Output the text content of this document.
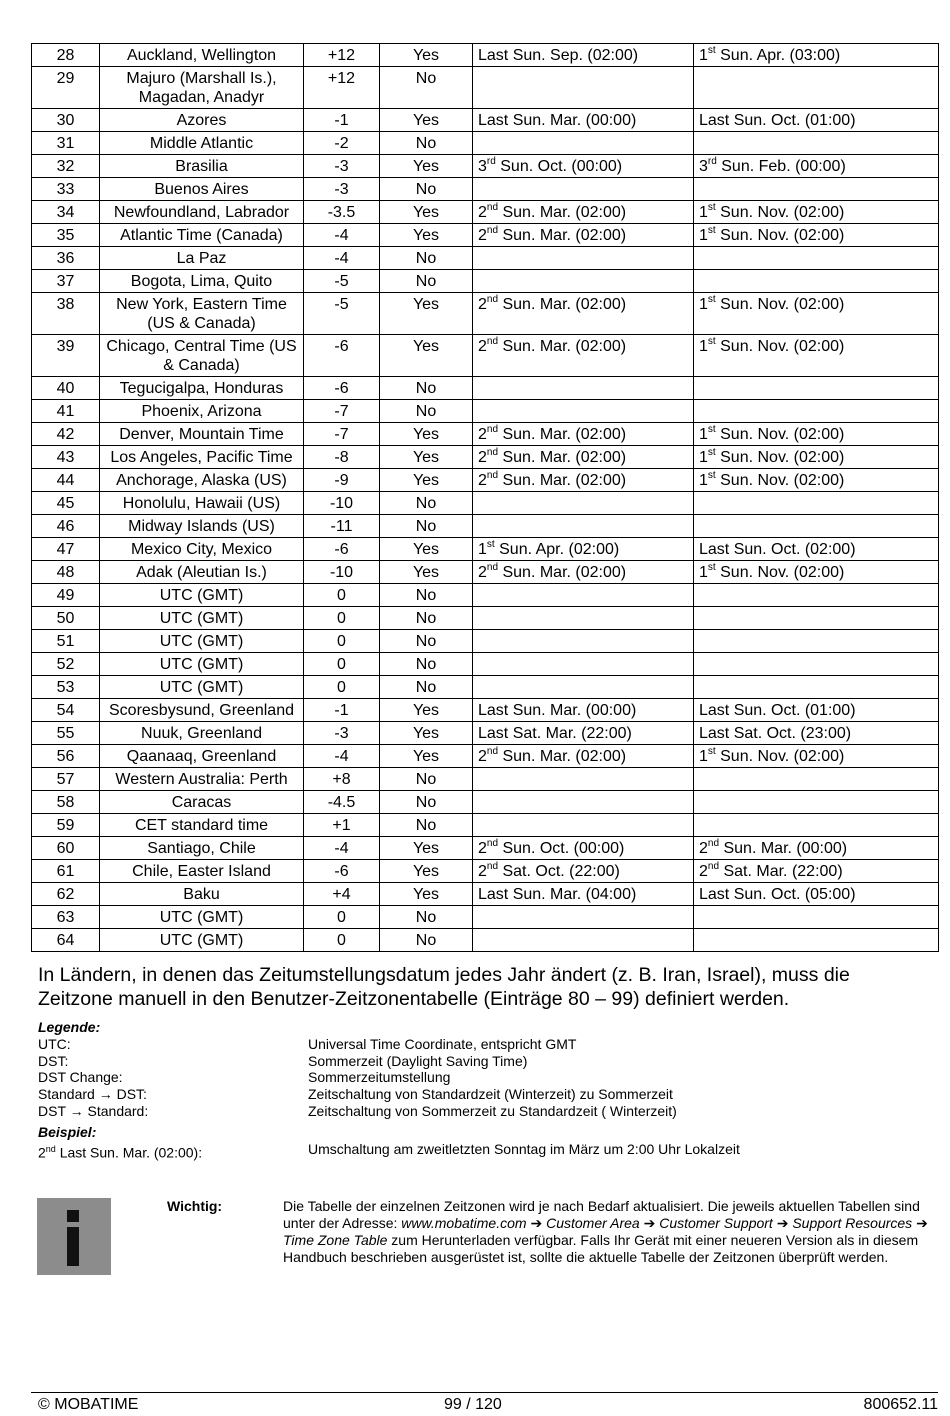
28	Auckland, Wellington	+12	Yes	Last Sun. Sep. (02:00)	1st Sun. Apr. (03:00)
29	Majuro (Marshall Is.), Magadan, Anadyr	+12	No		
30	Azores	-1	Yes	Last Sun. Mar. (00:00)	Last Sun. Oct. (01:00)
31	Middle Atlantic	-2	No		
32	Brasilia	-3	Yes	3rd Sun. Oct. (00:00)	3rd Sun. Feb. (00:00)
33	Buenos Aires	-3	No		
34	Newfoundland, Labrador	-3.5	Yes	2nd Sun. Mar. (02:00)	1st Sun. Nov. (02:00)
35	Atlantic Time (Canada)	-4	Yes	2nd Sun. Mar. (02:00)	1st Sun. Nov. (02:00)
36	La Paz	-4	No		
37	Bogota, Lima, Quito	-5	No		
38	New York, Eastern Time (US & Canada)	-5	Yes	2nd Sun. Mar. (02:00)	1st Sun. Nov. (02:00)
39	Chicago, Central Time (US & Canada)	-6	Yes	2nd Sun. Mar. (02:00)	1st Sun. Nov. (02:00)
40	Tegucigalpa, Honduras	-6	No		
41	Phoenix, Arizona	-7	No		
42	Denver, Mountain Time	-7	Yes	2nd Sun. Mar. (02:00)	1st Sun. Nov. (02:00)
43	Los Angeles, Pacific Time	-8	Yes	2nd Sun. Mar. (02:00)	1st Sun. Nov. (02:00)
44	Anchorage, Alaska (US)	-9	Yes	2nd Sun. Mar. (02:00)	1st Sun. Nov. (02:00)
45	Honolulu, Hawaii (US)	-10	No		
46	Midway Islands (US)	-11	No		
47	Mexico City, Mexico	-6	Yes	1st Sun. Apr. (02:00)	Last Sun. Oct. (02:00)
48	Adak (Aleutian Is.)	-10	Yes	2nd Sun. Mar. (02:00)	1st Sun. Nov. (02:00)
49	UTC (GMT)	0	No		
50	UTC (GMT)	0	No		
51	UTC (GMT)	0	No		
52	UTC (GMT)	0	No		
53	UTC (GMT)	0	No		
54	Scoresbysund, Greenland	-1	Yes	Last Sun. Mar. (00:00)	Last Sun. Oct. (01:00)
55	Nuuk, Greenland	-3	Yes	Last Sat. Mar. (22:00)	Last Sat. Oct. (23:00)
56	Qaanaaq, Greenland	-4	Yes	2nd Sun. Mar. (02:00)	1st Sun. Nov. (02:00)
57	Western Australia: Perth	+8	No		
58	Caracas	-4.5	No		
59	CET standard time	+1	No		
60	Santiago, Chile	-4	Yes	2nd Sun. Oct. (00:00)	2nd Sun. Mar. (00:00)
61	Chile, Easter Island	-6	Yes	2nd Sat. Oct. (22:00)	2nd Sat. Mar. (22:00)
62	Baku	+4	Yes	Last Sun. Mar. (04:00)	Last Sun. Oct. (05:00)
63	UTC (GMT)	0	No		
64	UTC (GMT)	0	No		
In Ländern, in denen das Zeitumstellungsdatum jedes Jahr ändert (z. B. Iran, Israel), muss die Zeitzone manuell in den Benutzer-Zeitzonentabelle (Einträge 80 – 99) definiert werden.
Legende:
UTC:	Universal Time Coordinate, entspricht GMT
DST:	Sommerzeit (Daylight Saving Time)
DST Change:	Sommerzeitumstellung
Standard → DST:	Zeitschaltung von Standardzeit (Winterzeit) zu Sommerzeit
DST → Standard:	Zeitschaltung von Sommerzeit zu Standardzeit ( Winterzeit)
Beispiel:
2nd Last Sun. Mar. (02:00):	Umschaltung am zweitletzten Sonntag im März um 2:00 Uhr Lokalzeit
Wichtig:	Die Tabelle der einzelnen Zeitzonen wird je nach Bedarf aktualisiert. Die jeweils aktuellen Tabellen sind unter der Adresse: www.mobatime.com ➔ Customer Area ➔ Customer Support ➔ Support Resources ➔ Time Zone Table zum Herunterladen verfügbar. Falls Ihr Gerät mit einer neueren Version als in diesem Handbuch beschrieben ausgerüstet ist, sollte die aktuelle Tabelle der Zeitzonen überprüft werden.
© MOBATIME	99 / 120	800652.11
